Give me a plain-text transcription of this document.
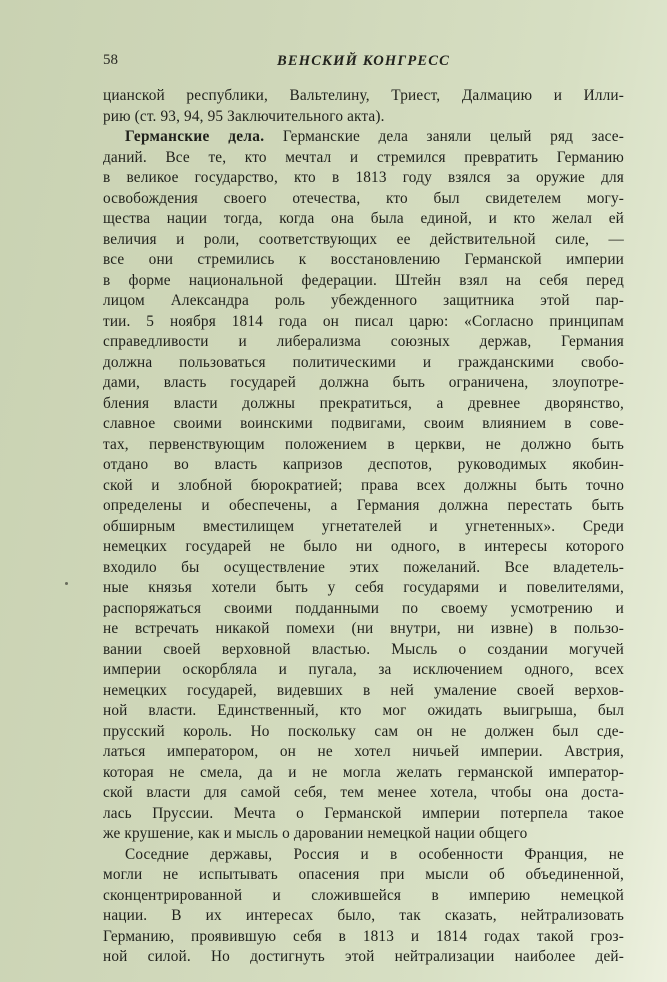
58	ВЕНСКИЙ КОНГРЕСС
цианской республики, Вальтелину, Триест, Далмацию и Илли-
рию (ст. 93, 94, 95 Заключительного акта).
Германские дела. Германские дела заняли целый ряд засе-
даний. Все те, кто мечтал и стремился превратить Германию
в великое государство, кто в 1813 году взялся за оружие для
освобождения своего отечества, кто был свидетелем могу-
щества нации тогда, когда она была единой, и кто желал ей
величия и роли, соответствующих ее действительной силе, —
все они стремились к восстановлению Германской империи
в форме национальной федерации. Штейн взял на себя перед
лицом Александра роль убежденного защитника этой пар-
тии. 5 ноября 1814 года он писал царю: «Согласно принципам
справедливости и либерализма союзных держав, Германия
должна пользоваться политическими и гражданскими свобо-
дами, власть государей должна быть ограничена, злоупотре-
бления власти должны прекратиться, а древнее дворянство,
славное своими воинскими подвигами, своим влиянием в сове-
тах, первенствующим положением в церкви, не должно быть
отдано во власть капризов деспотов, руководимых якобин-
ской и злобной бюрократией; права всех должны быть точно
определены и обеспечены, а Германия должна перестать быть
обширным вместилищем угнетателей и угнетенных». Среди
немецких государей не было ни одного, в интересы которого
входило бы осуществление этих пожеланий. Все владетель-
ные князья хотели быть у себя государями и повелителями,
распоряжаться своими подданными по своему усмотрению и
не встречать никакой помехи (ни внутри, ни извне) в пользо-
вании своей верховной властью. Мысль о создании могучей
империи оскорбляла и пугала, за исключением одного, всех
немецких государей, видевших в ней умаление своей верхов-
ной власти. Единственный, кто мог ожидать выигрыша, был
прусский король. Но поскольку сам он не должен был сде-
латься императором, он не хотел ничьей империи. Австрия,
которая не смела, да и не могла желать германской император-
ской власти для самой себя, тем менее хотела, чтобы она доста-
лась Пруссии. Мечта о Германской империи потерпела такое
же крушение, как и мысль о даровании немецкой нации общего
Соседние державы, Россия и в особенности Франция, не
могли не испытывать опасения при мысли об объединенной,
сконцентрированной и сложившейся в империю немецкой
нации. В их интересах было, так сказать, нейтрализовать
Германию, проявившую себя в 1813 и 1814 годах такой гроз-
ной силой. Но достигнуть этой нейтрализации наиболее дей-
